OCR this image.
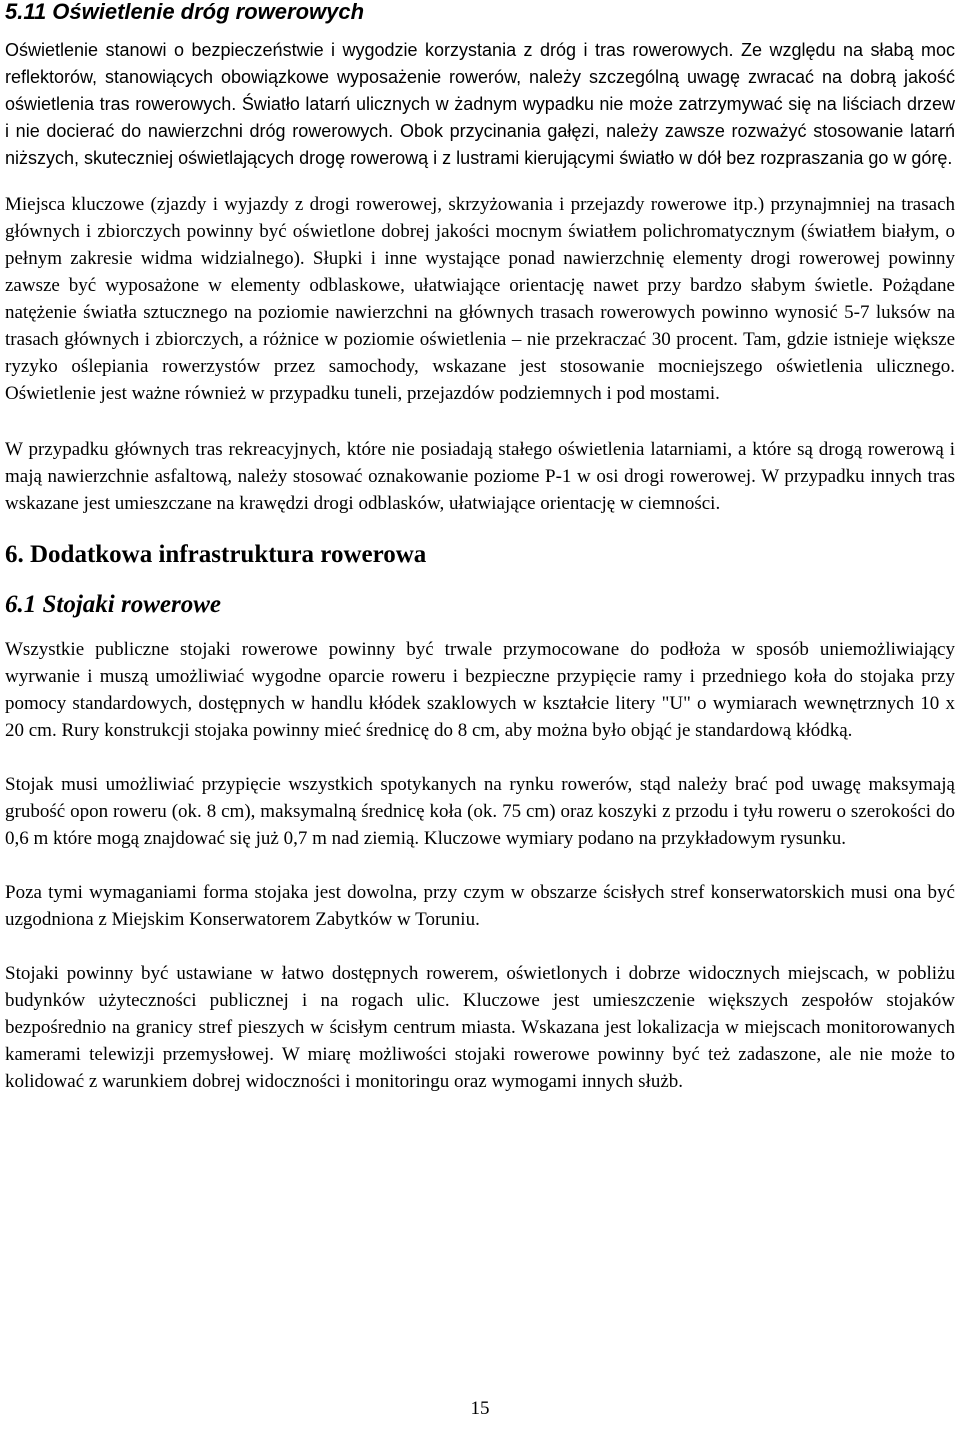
5.11 Oświetlenie dróg rowerowych

Oświetlenie stanowi o bezpieczeństwie i wygodzie korzystania z dróg i tras rowerowych. Ze względu na słabą moc reflektorów, stanowiących obowiązkowe wyposażenie rowerów, należy szczególną uwagę zwracać na dobrą jakość oświetlenia tras rowerowych. Światło latarń ulicznych w żadnym wypadku nie może zatrzymywać się na liściach drzew i nie docierać do nawierzchni dróg rowerowych. Obok przycinania gałęzi, należy zawsze rozważyć stosowanie latarń niższych, skuteczniej oświetlających drogę rowerową i z lustrami kierującymi światło w dół bez rozpraszania go w górę.

Miejsca kluczowe (zjazdy i wyjazdy z drogi rowerowej, skrzyżowania i przejazdy rowerowe itp.) przynajmniej na trasach głównych i zbiorczych powinny być oświetlone dobrej jakości mocnym światłem polichromatycznym (światłem białym, o pełnym zakresie widma widzialnego). Słupki i inne wystające ponad nawierzchnię elementy drogi rowerowej powinny zawsze być wyposażone w elementy odblaskowe, ułatwiające orientację nawet przy bardzo słabym świetle. Pożądane natężenie światła sztucznego na poziomie nawierzchni na głównych trasach rowerowych powinno wynosić 5-7 luksów na trasach głównych i zbiorczych, a różnice w poziomie oświetlenia – nie przekraczać 30 procent. Tam, gdzie istnieje większe ryzyko oślepiania rowerzystów przez samochody, wskazane jest stosowanie mocniejszego oświetlenia ulicznego. Oświetlenie jest ważne również w przypadku tuneli, przejazdów podziemnych i pod mostami.

W przypadku głównych tras rekreacyjnych, które nie posiadają stałego oświetlenia latarniami, a które są drogą rowerową i mają nawierzchnie asfaltową, należy stosować oznakowanie poziome P-1 w osi drogi rowerowej. W przypadku innych tras wskazane jest umieszczane na krawędzi drogi odblasków, ułatwiające orientację w ciemności.

6. Dodatkowa infrastruktura rowerowa
6.1 Stojaki rowerowe

Wszystkie publiczne stojaki rowerowe powinny być trwale przymocowane do podłoża w sposób uniemożliwiający wyrwanie i muszą umożliwiać wygodne oparcie roweru i bezpieczne przypięcie ramy i przedniego koła do stojaka przy pomocy standardowych, dostępnych w handlu kłódek szaklowych w kształcie litery "U" o wymiarach wewnętrznych 10 x 20 cm. Rury konstrukcji stojaka powinny mieć średnicę do 8 cm, aby można było objąć je standardową kłódką.

Stojak musi umożliwiać przypięcie wszystkich spotykanych na rynku rowerów, stąd należy brać pod uwagę maksymają grubość opon roweru (ok. 8 cm), maksymalną średnicę koła (ok. 75 cm) oraz koszyki z przodu i tyłu roweru o szerokości do 0,6 m które mogą znajdować się już 0,7 m nad ziemią. Kluczowe wymiary podano na przykładowym rysunku.

Poza tymi wymaganiami forma stojaka jest dowolna, przy czym w obszarze ścisłych stref konserwatorskich musi ona być uzgodniona z Miejskim Konserwatorem Zabytków w Toruniu.

Stojaki powinny być ustawiane w łatwo dostępnych rowerem, oświetlonych i dobrze widocznych miejscach, w pobliżu budynków użyteczności publicznej i na rogach ulic. Kluczowe jest umieszczenie większych zespołów stojaków bezpośrednio na granicy stref pieszych w ścisłym centrum miasta. Wskazana jest lokalizacja w miejscach monitorowanych kamerami telewizji przemysłowej. W miarę możliwości stojaki rowerowe powinny być też zadaszone, ale nie może to kolidować z warunkiem dobrej widoczności i monitoringu oraz wymogami innych służb.

15
